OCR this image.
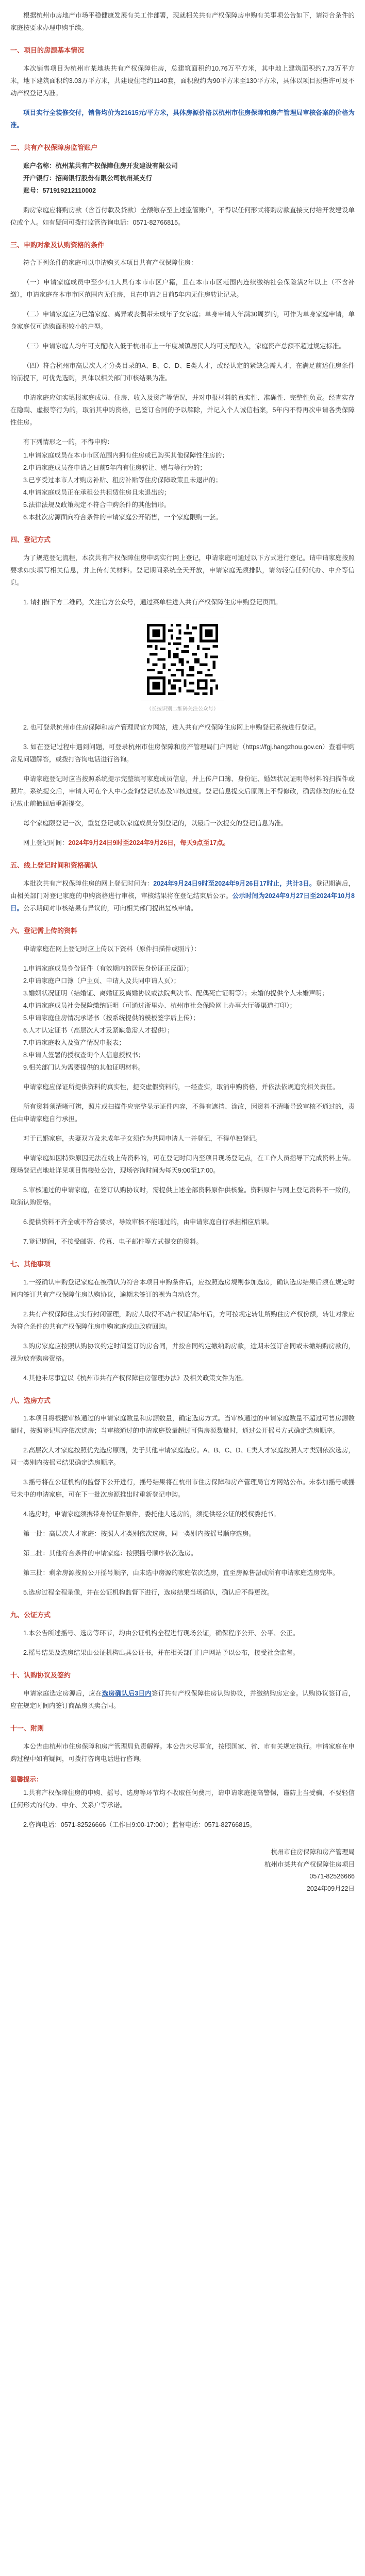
根据杭州市房地产市场平稳健康发展有关工作部署，现就相关共有产权保障房申购有关事项公告如下，请符合条件的家庭按要求办理申购手续。

一、项目的房源基本情况

本次销售项目为杭州市某地块共有产权保障住房，总建筑面积约10.76万平方米，其中地上建筑面积约7.73万平方米，地下建筑面积约3.03万平方米，共建设住宅约1140套，面积段约为90平方米至130平方米，具体以项目预售许可及不动产权登记为准。

项目实行全装修交付，销售均价为21615元/平方米，具体房源价格以杭州市住房保障和房产管理局审核备案的价格为准。

二、共有产权保障房监管账户

账户名称：杭州某共有产权保障住房开发建设有限公司

开户银行：招商银行股份有限公司杭州某支行

账号：571919212110002

购房家庭应将购房款（含首付款及贷款）全额缴存至上述监管账户，不得以任何形式将购房款直接支付给开发建设单位或个人。如有疑问可拨打监管咨询电话：0571-82766815。

三、申购对象及认购资格的条件

符合下列条件的家庭可以申请购买本项目共有产权保障住房：

（一）申请家庭成员中至少有1人具有本市市区户籍，且在本市市区范围内连续缴纳社会保险满2年以上（不含补缴），申请家庭在本市市区范围内无住房，且在申请之日前5年内无住房转让记录。

（二）申请家庭应为已婚家庭、离异或丧偶带未成年子女家庭；单身申请人年满30周岁的，可作为单身家庭申请，单身家庭仅可选购面积较小的户型。

（三）申请家庭人均年可支配收入低于杭州市上一年度城镇居民人均可支配收入，家庭资产总额不超过规定标准。

（四）符合杭州市高层次人才分类目录的A、B、C、D、E类人才，或经认定的紧缺急需人才，在满足前述住房条件的前提下，可优先选购，具体以相关部门审核结果为准。

申请家庭应如实填报家庭成员、住房、收入及资产等情况，并对申报材料的真实性、准确性、完整性负责。经查实存在隐瞒、虚报等行为的，取消其申购资格，已签订合同的予以解除，并记入个人诚信档案，5年内不得再次申请各类保障性住房。

有下列情形之一的，不得申购：

1.申请家庭成员在本市市区范围内拥有住房或已购买其他保障性住房的；

2.申请家庭成员在申请之日前5年内有住房转让、赠与等行为的；

3.已享受过本市人才购房补贴、租房补贴等住房保障政策且未退出的；

4.申请家庭成员正在承租公共租赁住房且未退出的；

5.法律法规及政策规定不符合申购条件的其他情形。

6.本批次房源面向符合条件的申请家庭公开销售，一个家庭限购一套。

四、登记方式

为了规范登记流程，本次共有产权保障住房申购实行网上登记，申请家庭可通过以下方式进行登记。请申请家庭按照要求如实填写相关信息，并上传有关材料。登记期间系统全天开放，申请家庭无须排队，请勿轻信任何代办、中介等信息。

1. 请扫描下方二维码，关注官方公众号，通过菜单栏进入共有产权保障住房申购登记页面。

（长按识别二维码关注公众号）

2. 也可登录杭州市住房保障和房产管理局官方网站，进入共有产权保障住房网上申购登记系统进行登记。

3. 如在登记过程中遇到问题，可登录杭州市住房保障和房产管理局门户网站（https://fgj.hangzhou.gov.cn）查看申购常见问题解答，或拨打咨询电话进行咨询。

申请家庭登记时应当按照系统提示完整填写家庭成员信息，并上传户口簿、身份证、婚姻状况证明等材料的扫描件或照片。系统提交后，申请人可在个人中心查询登记状态及审核进度。登记信息提交后原则上不得修改，确需修改的应在登记截止前撤回后重新提交。

每个家庭限登记一次，重复登记或以家庭成员分别登记的，以最后一次提交的登记信息为准。

网上登记时间：2024年9月24日9时至2024年9月26日，每天9点至17点。

五、线上登记时间和资格确认

本批次共有产权保障住房的网上登记时间为：2024年9月24日9时至2024年9月26日17时止，共计3日。登记期满后，由相关部门对登记家庭的申购资格进行审核，审核结果将在登记结束后公示。公示时间为2024年9月27日至2024年10月8日。公示期间对审核结果有异议的，可向相关部门提出复核申请。

六、登记需上传的资料

申请家庭在网上登记时应上传以下资料（原件扫描件或照片）：

1.申请家庭成员身份证件（有效期内的居民身份证正反面）；

2.申请家庭户口簿（户主页、申请人及共同申请人页）；

3.婚姻状况证明（结婚证、离婚证及离婚协议或法院判决书、配偶死亡证明等）；未婚的提供个人未婚声明；

4.申请家庭成员社会保险缴纳证明（可通过浙里办、杭州市社会保险网上办事大厅等渠道打印）；

5.申请家庭住房情况承诺书（按系统提供的模板签字后上传）；

6.人才认定证书（高层次人才及紧缺急需人才提供）；

7.申请家庭收入及资产情况申报表；

8.申请人签署的授权查询个人信息授权书；

9.相关部门认为需要提供的其他证明材料。

申请家庭应保证所提供资料的真实性，提交虚假资料的，一经查实，取消申购资格，并依法依规追究相关责任。

所有资料须清晰可辨，照片或扫描件应完整显示证件内容，不得有遮挡、涂改，因资料不清晰导致审核不通过的，责任由申请家庭自行承担。

对于已婚家庭，夫妻双方及未成年子女须作为共同申请人一并登记，不得单独登记。

申请家庭如因特殊原因无法在线上传资料的，可在登记时间内至项目现场登记点，在工作人员指导下完成资料上传。现场登记点地址详见项目售楼处公告，现场咨询时间为每天9:00至17:00。

5.审核通过的申请家庭，在签订认购协议时，需提供上述全部资料原件供核验。资料原件与网上登记资料不一致的，取消认购资格。

6.提供资料不齐全或不符合要求，导致审核不能通过的，由申请家庭自行承担相应后果。

7.登记期间，不接受邮寄、传真、电子邮件等方式提交的资料。

七、其他事项

1.一经确认申购登记家庭在被确认为符合本项目申购条件后，应按照选房规则参加选房，确认选房结果后须在规定时间内签订共有产权保障住房认购协议，逾期未签订的视为自动放弃。

2.共有产权保障住房实行封闭管理，购房人取得不动产权证满5年后，方可按规定转让所购住房产权份额，转让对象应为符合条件的共有产权保障住房申购家庭或由政府回购。

3.购房家庭应按照认购协议约定时间签订购房合同，并按合同约定缴纳购房款，逾期未签订合同或未缴纳购房款的，视为放弃购房资格。

4.其他未尽事宜以《杭州市共有产权保障住房管理办法》及相关政策文件为准。

八、选房方式

1.本项目将根据审核通过的申请家庭数量和房源数量，确定选房方式。当审核通过的申请家庭数量不超过可售房源数量时，按照登记顺序依次选房；当审核通过的申请家庭数量超过可售房源数量时，通过公开摇号方式确定选房顺序。

2.高层次人才家庭按照优先选房原则，先于其他申请家庭选房。A、B、C、D、E类人才家庭按照人才类别依次选房，同一类别内按摇号结果确定选房顺序。

3.摇号将在公证机构的监督下公开进行，摇号结果将在杭州市住房保障和房产管理局官方网站公布。未参加摇号或摇号未中的申请家庭，可在下一批次房源推出时重新登记申购。

4.选房时，申请家庭须携带身份证件原件，委托他人选房的，须提供经公证的授权委托书。

第一批：高层次人才家庭：按照人才类别依次选房，同一类别内按摇号顺序选房。

第二批：其他符合条件的申请家庭：按照摇号顺序依次选房。

第三批：剩余房源按照公开摇号顺序，由未选中房源的家庭依次选房，直至房源售罄或所有申请家庭选房完毕。

5.选房过程全程录像，并在公证机构监督下进行，选房结果当场确认，确认后不得更改。

九、公证方式

1.本公告所述摇号、选房等环节，均由公证机构全程进行现场公证，确保程序公开、公平、公正。

2.摇号结果及选房结果由公证机构出具公证书，并在相关部门门户网站予以公布，接受社会监督。

十、认购协议及签约

申请家庭选定房源后，应在选房确认后3日内签订共有产权保障住房认购协议，并缴纳购房定金。认购协议签订后，应在规定时间内签订商品房买卖合同。

十一、附则

本公告由杭州市住房保障和房产管理局负责解释。本公告未尽事宜，按照国家、省、市有关规定执行。申请家庭在申购过程中如有疑问，可拨打咨询电话进行咨询。

温馨提示：

1.共有产权保障住房的申购、摇号、选房等环节均不收取任何费用，请申请家庭提高警惕，谨防上当受骗，不要轻信任何形式的代办、中介、关系户等承诺。

2.咨询电话：0571-82526666（工作日9:00-17:00）；监督电话：0571-82766815。

杭州市住房保障和房产管理局

杭州市某共有产权保障住房项目

0571-82526666

2024年09月22日
